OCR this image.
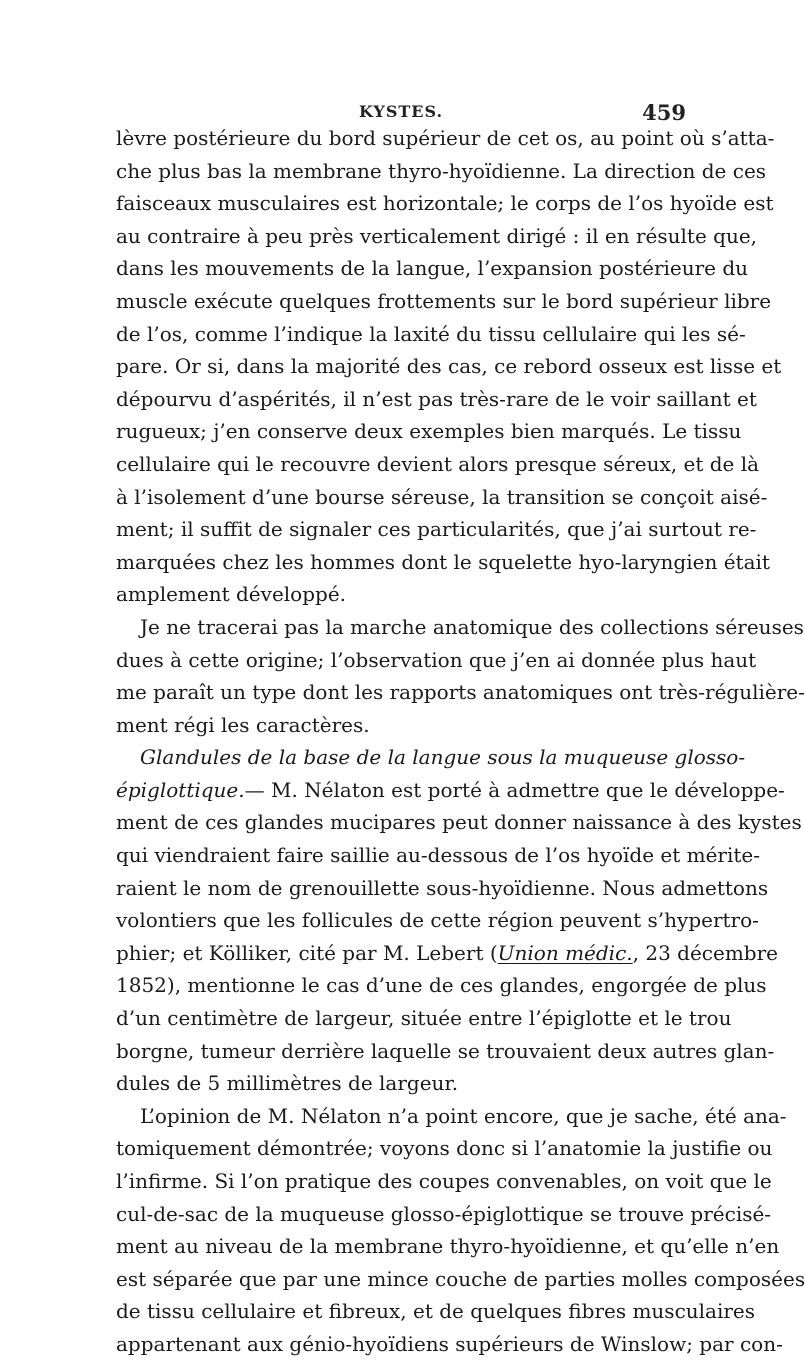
KYSTES.	459
lèvre postérieure du bord supérieur de cet os, au point où s’atta-
che plus bas la membrane thyro-hyoïdienne. La direction de ces
faisceaux musculaires est horizontale; le corps de l’os hyoïde est
au contraire à peu près verticalement dirigé : il en résulte que,
dans les mouvements de la langue, l’expansion postérieure du
muscle exécute quelques frottements sur le bord supérieur libre
de l’os, comme l’indique la laxité du tissu cellulaire qui les sé-
pare. Or si, dans la majorité des cas, ce rebord osseux est lisse et
dépourvu d’aspérités, il n’est pas très-rare de le voir saillant et
rugueux; j’en conserve deux exemples bien marqués. Le tissu
cellulaire qui le recouvre devient alors presque séreux, et de là
à l’isolement d’une bourse séreuse, la transition se conçoit aisé-
ment; il suffit de signaler ces particularités, que j’ai surtout re-
marquées chez les hommes dont le squelette hyo-laryngien était
amplement développé.
Je ne tracerai pas la marche anatomique des collections séreuses
dues à cette origine; l’observation que j’en ai donnée plus haut
me paraît un type dont les rapports anatomiques ont très-régulière-
ment régi les caractères.
Glandules de la base de la langue sous la muqueuse glosso-
épiglottique.— M. Nélaton est porté à admettre que le développe-
ment de ces glandes mucipares peut donner naissance à des kystes
qui viendraient faire saillie au-dessous de l’os hyoïde et mérite-
raient le nom de grenouillette sous-hyoïdienne. Nous admettons
volontiers que les follicules de cette région peuvent s’hypertro-
phier; et Kölliker, cité par M. Lebert (Union médic., 23 décembre
1852), mentionne le cas d’une de ces glandes, engorgée de plus
d’un centimètre de largeur, située entre l’épiglotte et le trou
borgne, tumeur derrière laquelle se trouvaient deux autres glan-
dules de 5 millimètres de largeur.
L’opinion de M. Nélaton n’a point encore, que je sache, été ana-
tomiquement démontrée; voyons donc si l’anatomie la justifie ou
l’infirme. Si l’on pratique des coupes convenables, on voit que le
cul-de-sac de la muqueuse glosso-épiglottique se trouve précisé-
ment au niveau de la membrane thyro-hyoïdienne, et qu’elle n’en
est séparée que par une mince couche de parties molles composées
de tissu cellulaire et fibreux, et de quelques fibres musculaires
appartenant aux génio-hyoïdiens supérieurs de Winslow; par con-
